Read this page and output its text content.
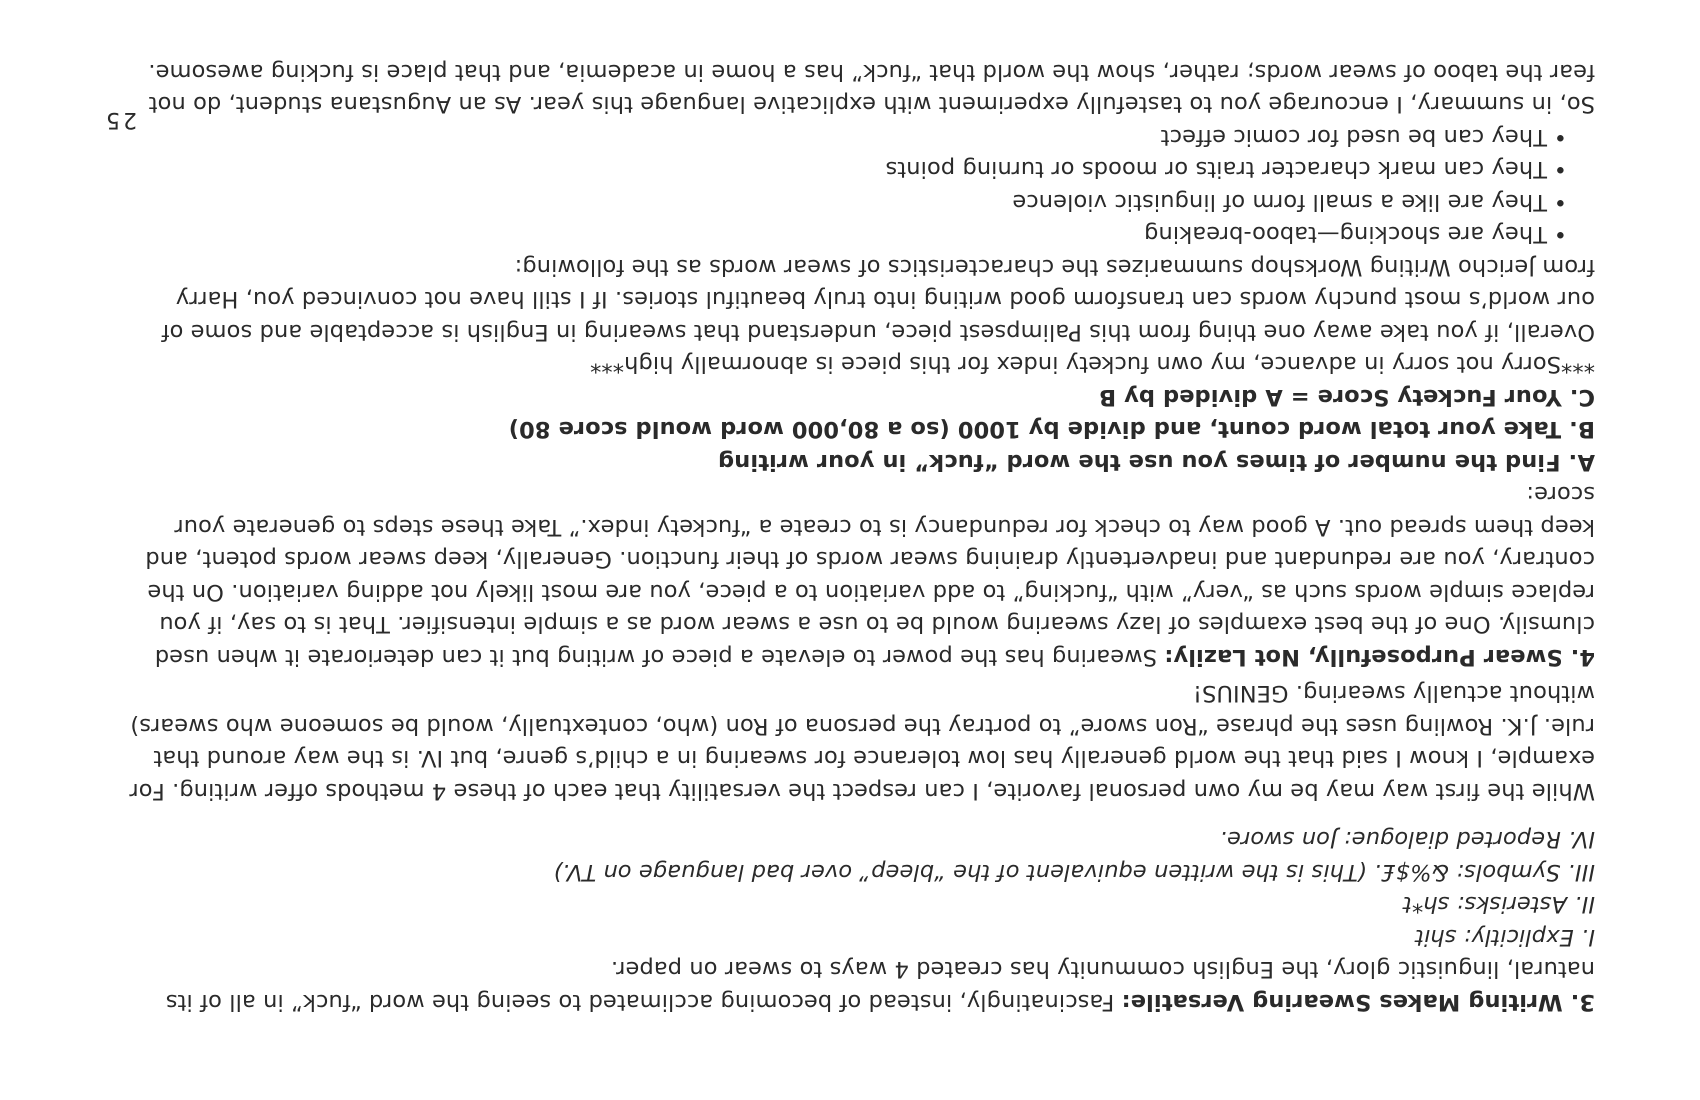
3. Writing Makes Swearing Versatile: Fascinatingly, instead of becoming acclimated to seeing the word “fuck” in all of its natural, linguistic glory, the English community has created 4 ways to swear on paper.

I. Explicitly: shit

II. Asterisks: sh*t

III. Symbols: &%$£. (This is the written equivalent of the “bleep” over bad language on TV.)

IV. Reported dialogue: Jon swore.

While the first way may be my own personal favorite, I can respect the versatility that each of these 4 methods offer writing. For example, I know I said that the world generally has low tolerance for swearing in a child’s genre, but IV. is the way around that rule. J.K. Rowling uses the phrase “Ron swore” to portray the persona of Ron (who, contextually, would be someone who swears) without actually swearing. GENIUS!

4. Swear Purposefully, Not Lazily: Swearing has the power to elevate a piece of writing but it can deteriorate it when used clumsily. One of the best examples of lazy swearing would be to use a swear word as a simple intensifier. That is to say, if you replace simple words such as “very” with “fucking” to add variation to a piece, you are most likely not adding variation. On the contrary, you are redundant and inadvertently draining swear words of their function. Generally, keep swear words potent, and keep them spread out. A good way to check for redundancy is to create a “fuckety index.” Take these steps to generate your score:

A. Find the number of times you use the word “fuck” in your writing

B. Take your total word count, and divide by 1000 (so a 80,000 word would score 80)

C. Your Fuckety Score = A divided by B

***Sorry not sorry in advance, my own fuckety index for this piece is abnormally high***

Overall, if you take away one thing from this Palimpsest piece, understand that swearing in English is acceptable and some of our world’s most punchy words can transform good writing into truly beautiful stories. If I still have not convinced you, Harry from Jericho Writing Workshop summarizes the characteristics of swear words as the following:

• They are shocking—taboo-breaking
• They are like a small form of linguistic violence
• They can mark character traits or moods or turning points
• They can be used for comic effect

So, in summary, I encourage you to tastefully experiment with explicative language this year. As an Augustana student, do not fear the taboo of swear words; rather, show the world that “fuck” has a home in academia, and that place is fucking awesome.

25
